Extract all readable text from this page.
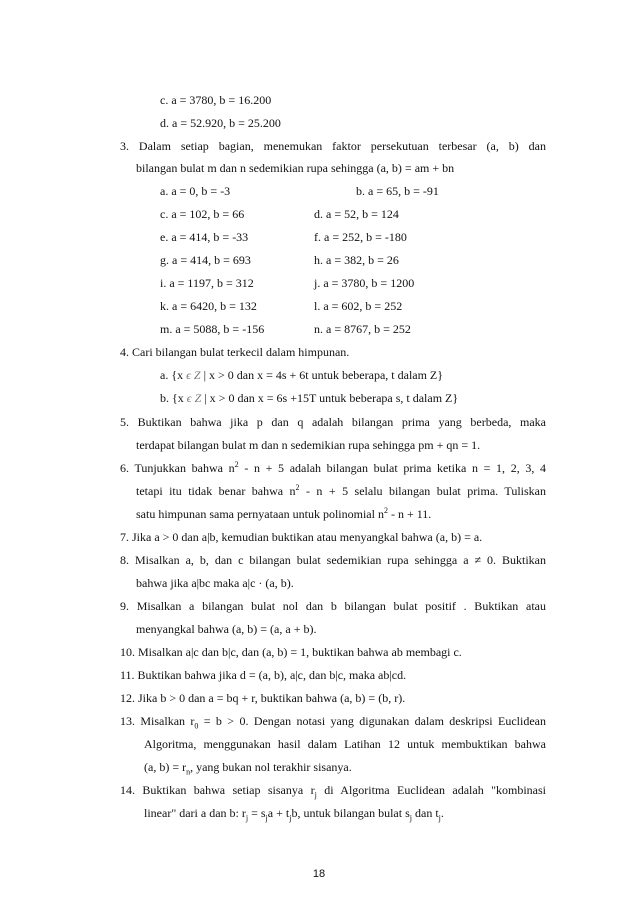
c. a = 3780, b = 16.200
d. a = 52.920, b = 25.200
3. Dalam setiap bagian, menemukan faktor persekutuan terbesar (a, b) dan
bilangan bulat m dan n sedemikian rupa sehingga (a, b) = am + bn
a. a = 0, b = -3	b. a = 65, b = -91
c. a = 102, b = 66	d. a = 52, b = 124
e. a = 414, b = -33	f. a = 252, b = -180
g. a = 414, b = 693	h. a = 382, b = 26
i. a = 1197, b = 312	j. a = 3780, b = 1200
k. a = 6420, b = 132	l. a = 602, b = 252
m. a = 5088, b = -156	n. a = 8767, b = 252
4. Cari bilangan bulat terkecil dalam himpunan.
a. {x ϵ Z | x > 0 dan x = 4s + 6t untuk beberapa, t dalam Z}
b. {x ϵ Z | x > 0 dan x = 6s +15T untuk beberapa s, t dalam Z}
5. Buktikan bahwa jika p dan q adalah bilangan prima yang berbeda, maka
terdapat bilangan bulat m dan n sedemikian rupa sehingga pm + qn = 1.
6. Tunjukkan bahwa $n^2 - n + 5$ adalah bilangan bulat prima ketika n = 1, 2, 3, 4
tetapi itu tidak benar bahwa $n^2 - n + 5$ selalu bilangan bulat prima. Tuliskan
satu himpunan sama pernyataan untuk polinomial $n^2 - n + 11$.
7. Jika a > 0 dan a|b, kemudian buktikan atau menyangkal bahwa (a, b) = a.
8. Misalkan a, b, dan c bilangan bulat sedemikian rupa sehingga a ≠ 0. Buktikan
bahwa jika a|bc maka a|c · (a, b).
9. Misalkan a bilangan bulat nol dan b bilangan bulat positif . Buktikan atau
menyangkal bahwa (a, b) = (a, a + b).
10. Misalkan a|c dan b|c, dan (a, b) = 1, buktikan bahwa ab membagi c.
11. Buktikan bahwa jika d = (a, b), a|c, dan b|c, maka ab|cd.
12. Jika b > 0 dan a = bq + r, buktikan bahwa (a, b) = (b, r).
13. Misalkan $r_0 = b > 0$. Dengan notasi yang digunakan dalam deskripsi Euclidean
Algoritma, menggunakan hasil dalam Latihan 12 untuk membuktikan bahwa
(a, $b) = r_n$, yang bukan nol terakhir sisanya.
14. Buktikan bahwa setiap sisanya $r_j$ di Algoritma Euclidean adalah "kombinasi
linear" dari a dan b: $r_j = s_ja + t_jb$, untuk bilangan bulat $s_j$ dan $t_j$.
18
